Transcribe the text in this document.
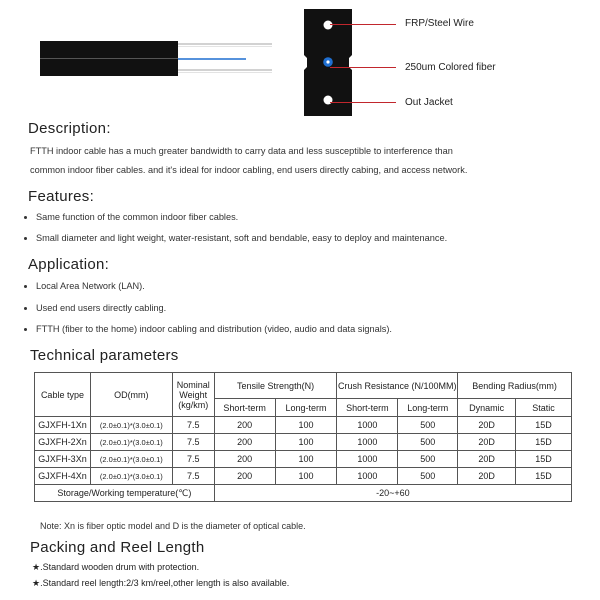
FRP/Steel Wire
250um Colored fiber
Out Jacket
Description:
FTTH indoor cable has a much greater bandwidth to carry data and less susceptible to interference than
common indoor fiber cables. and it's ideal for indoor cabling, end users directly cabing, and access network.
Features:
Same function of the common indoor fiber cables.
Small diameter and light weight, water-resistant, soft and bendable, easy to deploy and maintenance.
Application:
Local Area Network (LAN).
Used end users directly cabling.
FTTH (fiber to the home) indoor cabling and distribution (video, audio and data signals).
Technical parameters
Cable type	OD(mm)	Nominal Weight (kg/km)	Tensile Strength(N)		Crush Resistance (N/100MM)		Bending Radius(mm)	
			Short-term	Long-term	Short-term	Long-term	Dynamic	Static
GJXFH-1Xn	(2.0±0.1)*(3.0±0.1)	7.5	200	100	1000	500	20D	15D
GJXFH-2Xn	(2.0±0.1)*(3.0±0.1)	7.5	200	100	1000	500	20D	15D
GJXFH-3Xn	(2.0±0.1)*(3.0±0.1)	7.5	200	100	1000	500	20D	15D
GJXFH-4Xn	(2.0±0.1)*(3.0±0.1)	7.5	200	100	1000	500	20D	15D
Storage/Working temperature(℃)			-20~+60					
Note: Xn is fiber optic model and D is the diameter of optical cable.
Packing and Reel Length
★.Standard wooden drum with protection.
★.Standard reel length:2/3 km/reel,other length is also available.
